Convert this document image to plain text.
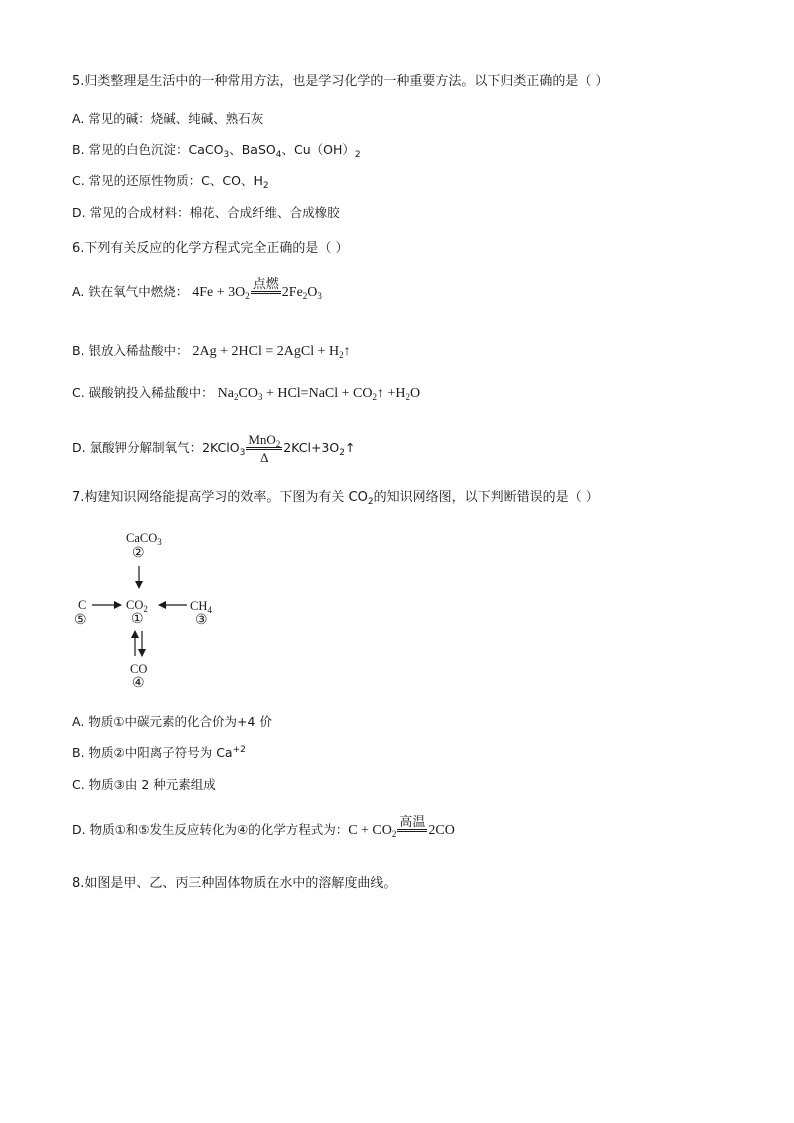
5.归类整理是生活中的一种常用方法，也是学习化学的一种重要方法。以下归类正确的是（ ）
A. 常见的碱：烧碱、纯碱、熟石灰
B. 常见的白色沉淀：CaCO$_3$、BaSO$_4$、$Cu(OH)_2$
C. 常见的还原性物质：C、CO、$H_2$
D. 常见的合成材料：棉花、合成纤维、合成橡胶
6.下列有关反应的化学方程式完全正确的是（ ）
A. 铁在氧气中燃烧： $4Fe + 3O_2$
点燃
$2Fe_2O_3$
B. 银放入稀盐酸中： 2Ag + 2HCl = 2AgCl + $H_2↑$
C. 碳酸钠投入稀盐酸中： $Na_2CO_3$ + HCl=NaCl + $CO_2↑ +H_2O$
D. 氯酸钾分解制氧气：2KClO$_3$ $\frac{MnO_2}{\Delta}$ $2KCl+3O_2↑$
7.构建知识网络能提高学习的效率。下图为有关 $CO_2$的知识网络图，以下判断错误的是（ ）
CaCO$_3$
②
C
⑤
$CO_2$
①
$CH_4$
③
CO
④
A. 物质①中碳元素的化合价为+4 价
B. 物质②中阳离子符号为 $Ca^{+2}$
C. 物质③由 2 种元素组成
D. 物质①和⑤发生反应转化为④的化学方程式为：$C + CO_2$
高温
2CO
8.如图是甲、乙、丙三种固体物质在水中的溶解度曲线。
